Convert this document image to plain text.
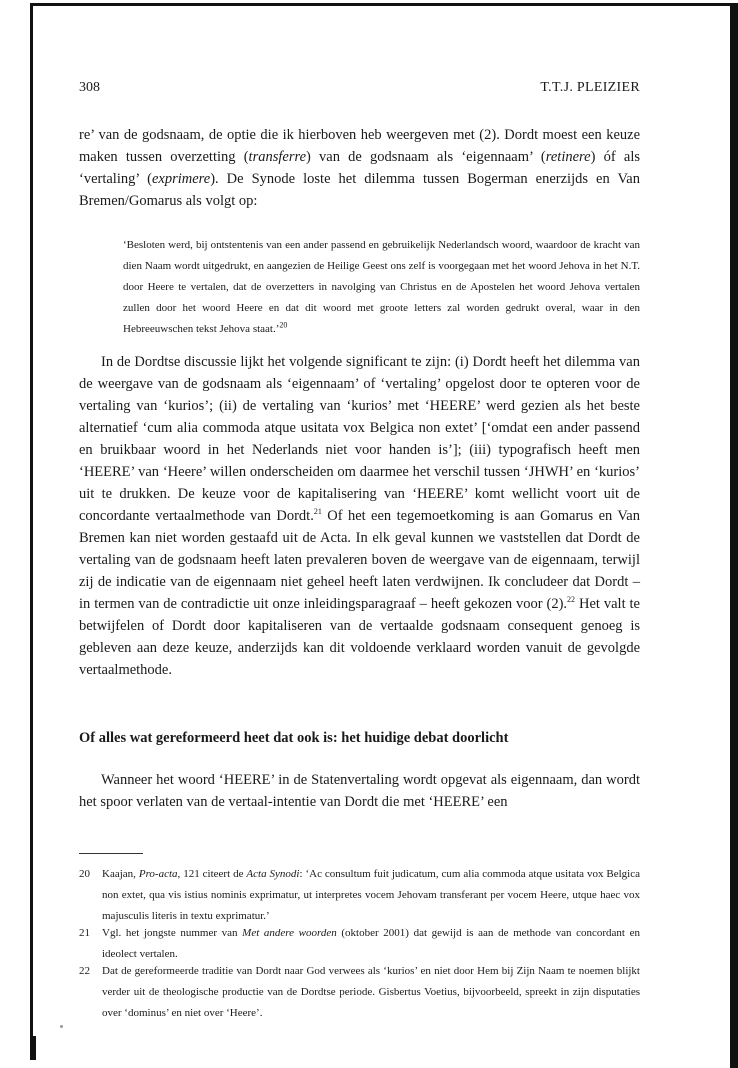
308	T.T.J. PLEIZIER

re’ van de godsnaam, de optie die ik hierboven heb weergeven met (2). Dordt moest een keuze maken tussen overzetting (transferre) van de godsnaam als ‘eigennaam’ (retinere) óf als ‘vertaling’ (exprimere). De Synode loste het dilemma tussen Bogerman enerzijds en Van Bremen/Gomarus als volgt op:

‘Besloten werd, bij ontstentenis van een ander passend en gebruikelijk Nederlandsch woord, waardoor de kracht van dien Naam wordt uitgedrukt, en aangezien de Heilige Geest ons zelf is voorgegaan met het woord Jehova in het N.T. door Heere te vertalen, dat de overzetters in navolging van Christus en de Apostelen het woord Jehova vertalen zullen door het woord Heere en dat dit woord met groote letters zal worden gedrukt overal, waar in den Hebreeuwschen tekst Jehova staat.’$^{20}$

In de Dordtse discussie lijkt het volgende significant te zijn: (i) Dordt heeft het dilemma van de weergave van de godsnaam als ‘eigennaam’ of ‘vertaling’ opgelost door te opteren voor de vertaling van ‘kurios’; (ii) de vertaling van ‘kurios’ met ‘HEERE’ werd gezien als het beste alternatief ‘cum alia commoda atque usitata vox Belgica non extet’ [‘omdat een ander passend en bruikbaar woord in het Nederlands niet voor handen is’]; (iii) typografisch heeft men ‘HEERE’ van ‘Heere’ willen onderscheiden om daarmee het verschil tussen ‘JHWH’ en ‘kurios’ uit te drukken. De keuze voor de kapitalisering van ‘HEERE’ komt wellicht voort uit de concordante vertaalmethode van Dordt.$^{21}$ Of het een tegemoetkoming is aan Gomarus en Van Bremen kan niet worden gestaafd uit de Acta. In elk geval kunnen we vaststellen dat Dordt de vertaling van de godsnaam heeft laten prevaleren boven de weergave van de eigennaam, terwijl zij de indicatie van de eigennaam niet geheel heeft laten verdwijnen. Ik concludeer dat Dordt – in termen van de contradictie uit onze inleidingsparagraaf – heeft gekozen voor (2).$^{22}$ Het valt te betwijfelen of Dordt door kapitaliseren van de vertaalde godsnaam consequent genoeg is gebleven aan deze keuze, anderzijds kan dit voldoende verklaard worden vanuit de gevolgde vertaalmethode.

Of alles wat gereformeerd heet dat ook is: het huidige debat doorlicht

Wanneer het woord ‘HEERE’ in de Statenvertaling wordt opgevat als eigennaam, dan wordt het spoor verlaten van de vertaal-intentie van Dordt die met ‘HEERE’ een

20	Kaajan, Pro-acta, 121 citeert de Acta Synodi: ‘Ac consultum fuit judicatum, cum alia commoda atque usitata vox Belgica non extet, qua vis istius nominis exprimatur, ut interpretes vocem Jehovam transferant per vocem Heere, utque haec vox majusculis literis in textu exprimatur.’

21	Vgl. het jongste nummer van Met andere woorden (oktober 2001) dat gewijd is aan de methode van concordant en ideolect vertalen.

22	Dat de gereformeerde traditie van Dordt naar God verwees als ‘kurios’ en niet door Hem bij Zijn Naam te noemen blijkt verder uit de theologische productie van de Dordtse periode. Gisbertus Voetius, bijvoorbeeld, spreekt in zijn disputaties over ‘dominus’ en niet over ‘Heere’.
